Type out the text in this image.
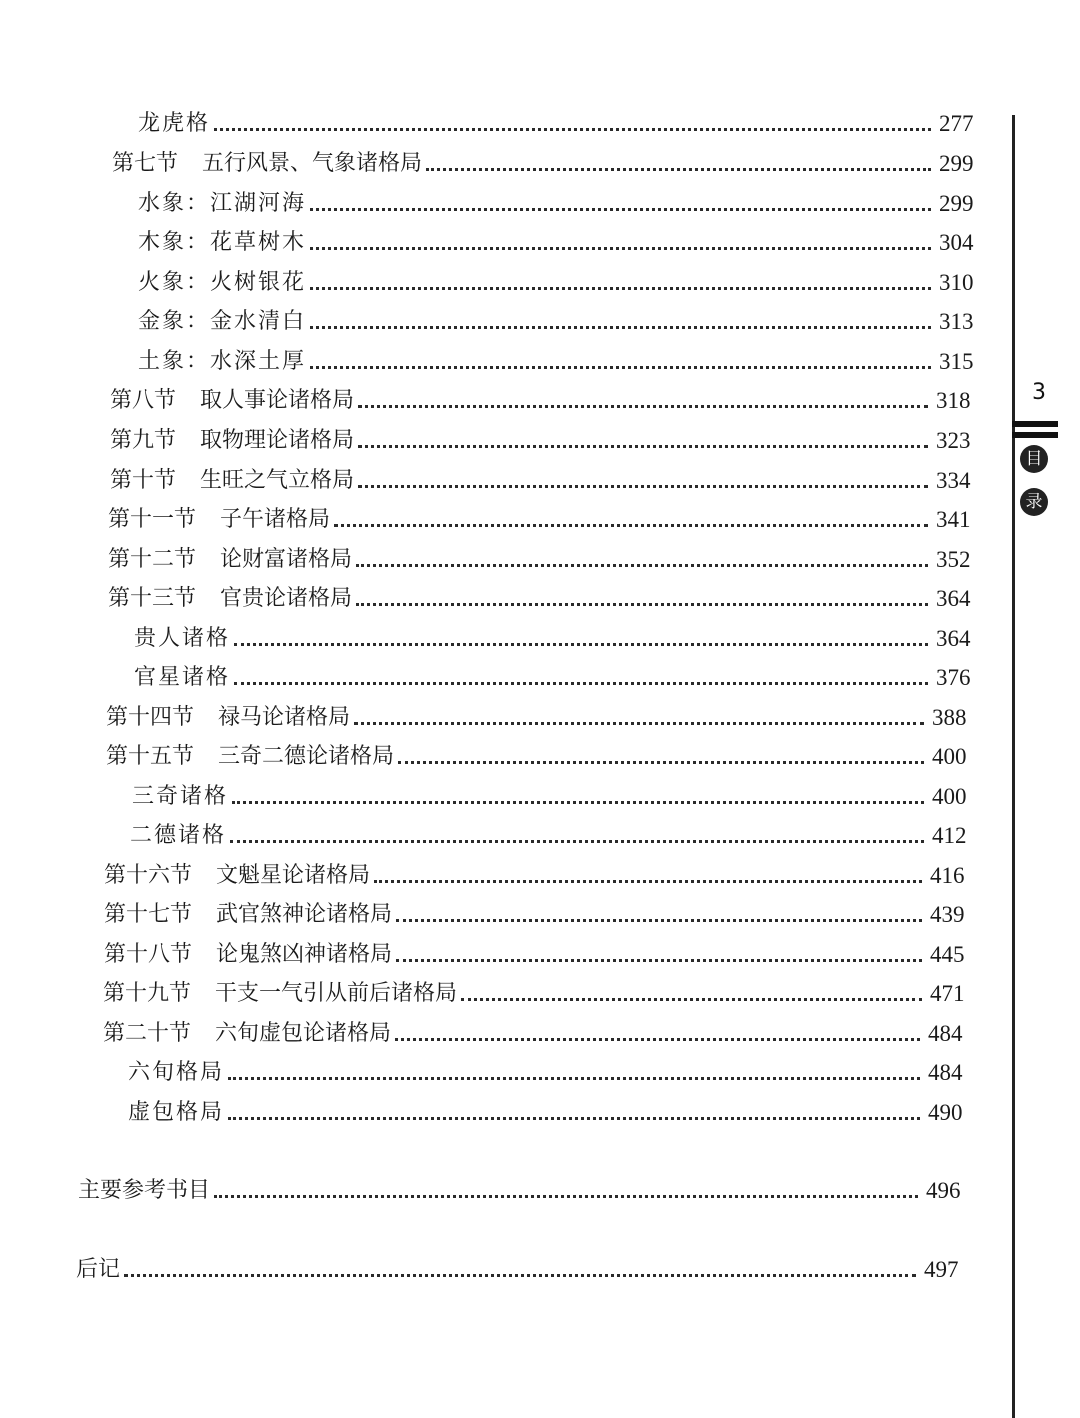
龙虎格	277
第七节 五行风景、气象诸格局	299
水象：江湖河海	299
木象：花草树木	304
火象：火树银花	310
金象：金水清白	313
土象：水深土厚	315
第八节 取人事论诸格局	318
第九节 取物理论诸格局	323
第十节 生旺之气立格局	334
第十一节 子午诸格局	341
第十二节 论财富诸格局	352
第十三节 官贵论诸格局	364
贵人诸格	364
官星诸格	376
第十四节 禄马论诸格局	388
第十五节 三奇二德论诸格局	400
三奇诸格	400
二德诸格	412
第十六节 文魁星论诸格局	416
第十七节 武官煞神论诸格局	439
第十八节 论鬼煞凶神诸格局	445
第十九节 干支一气引从前后诸格局	471
第二十节 六旬虚包论诸格局	484
六旬格局	484
虚包格局	490
主要参考书目	496
后记	497
3
目
录
